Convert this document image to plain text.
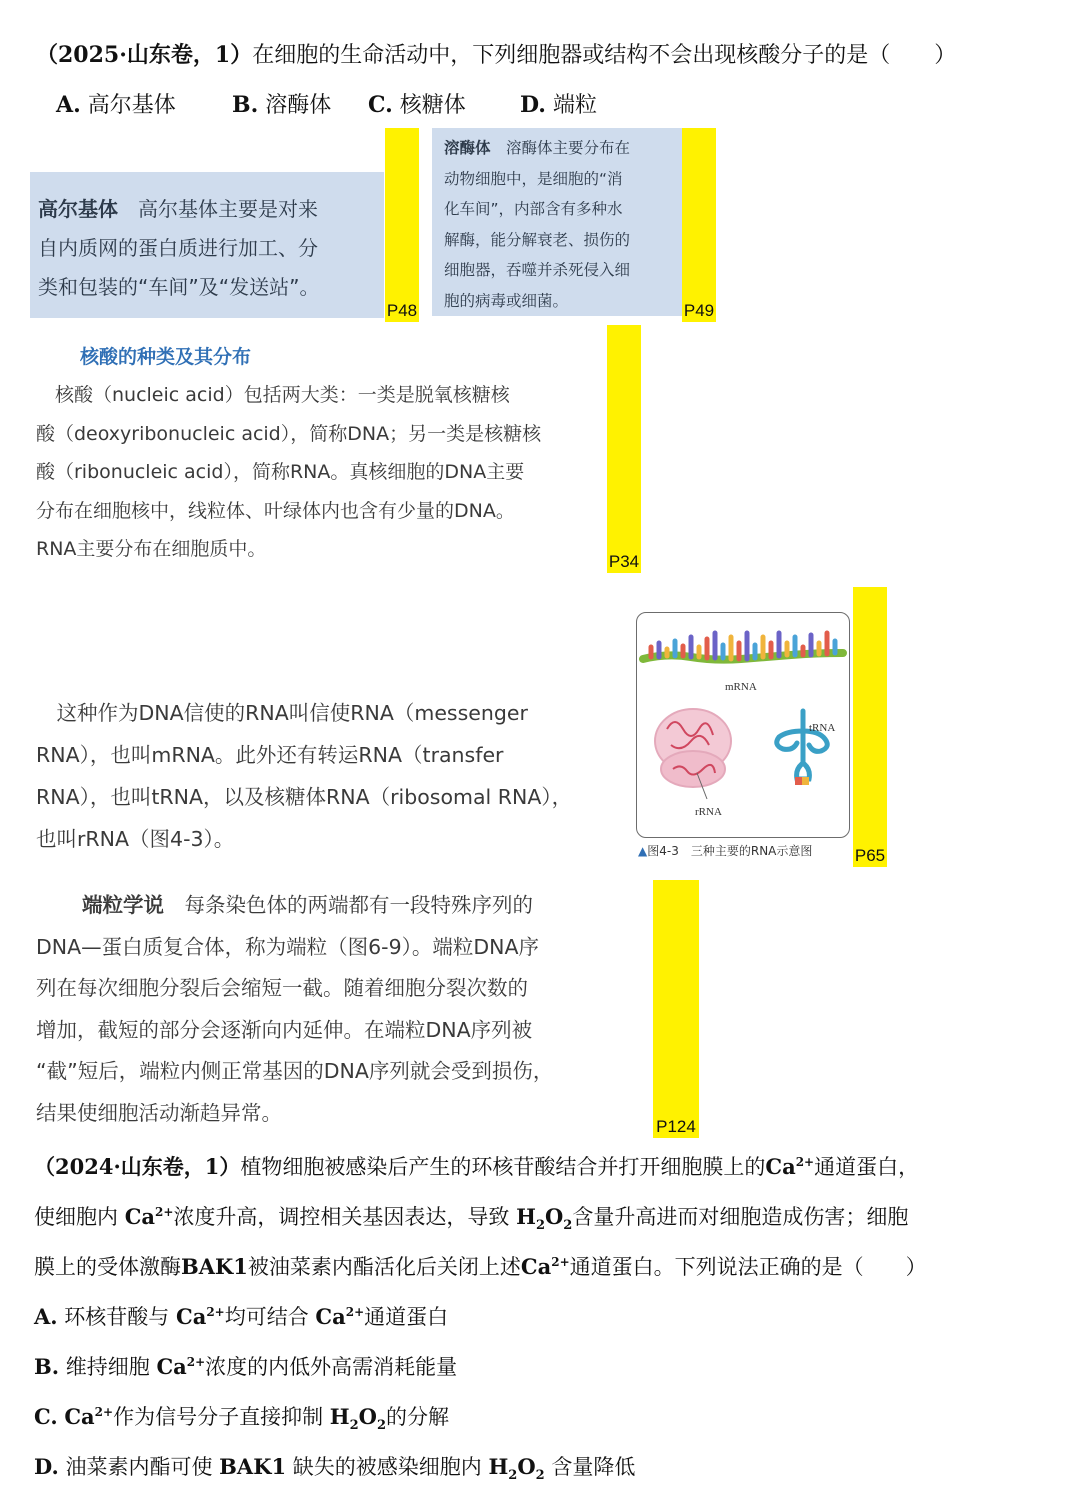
（2025·山东卷，1）在细胞的生命活动中，下列细胞器或结构不会出现核酸分子的是（　　）
A. 高尔基体	B. 溶酶体 C. 核糖体 D. 端粒
高尔基体　高尔基体主要是对来
自内质网的蛋白质进行加工、分
类和包装的“车间”及“发送站”。
P48
溶酶体　溶酶体主要分布在
动物细胞中，是细胞的“消
化车间”，内部含有多种水
解酶，能分解衰老、损伤的
细胞器，吞噬并杀死侵入细
胞的病毒或细菌。
P49
核酸的种类及其分布
　核酸（nucleic acid）包括两大类：一类是脱氧核糖核
酸（deoxyribonucleic acid），简称DNA；另一类是核糖核
酸（ribonucleic acid），简称RNA。真核细胞的DNA主要
分布在细胞核中，线粒体、叶绿体内也含有少量的DNA。
RNA主要分布在细胞质中。
P34
　这种作为DNA信使的RNA叫信使RNA（messenger
RNA），也叫mRNA。此外还有转运RNA（transfer
RNA），也叫tRNA，以及核糖体RNA（ribosomal RNA），
也叫rRNA（图4-3）。
mRNA
rRNA
tRNA
▲图4-3　 三种主要的RNA示意图 P65
端粒学说　每条染色体的两端都有一段特殊序列的
DNA—蛋白质复合体，称为端粒（图6-9）。端粒DNA序
列在每次细胞分裂后会缩短一截。随着细胞分裂次数的
增加，截短的部分会逐渐向内延伸。在端粒DNA序列被
“截”短后，端粒内侧正常基因的DNA序列就会受到损伤，
结果使细胞活动渐趋异常。
P124

（2024·山东卷，1）植物细胞被感染后产生的环核苷酸结合并打开细胞膜上的$Ca^{2+}$通道蛋白，

使细胞内 $Ca^{2+}$浓度升高，调控相关基因表达，导致 $H_2O_2$含量升高进而对细胞造成伤害；细胞

膜上的受体激酶BAK1被油菜素内酯活化后关闭上述$Ca^{2+}$通道蛋白。下列说法正确的是（　　）

A. 环核苷酸与 $Ca^{2+}$均可结合 $Ca^{2+}$通道蛋白

B. 维持细胞 $Ca^{2+}$浓度的内低外高需消耗能量

C. $Ca^{2+}$作为信号分子直接抑制 $H_2O_2$的分解

D. 油菜素内酯可使 BAK1 缺失的被感染细胞内 $H_2O_2$ 含量降低
